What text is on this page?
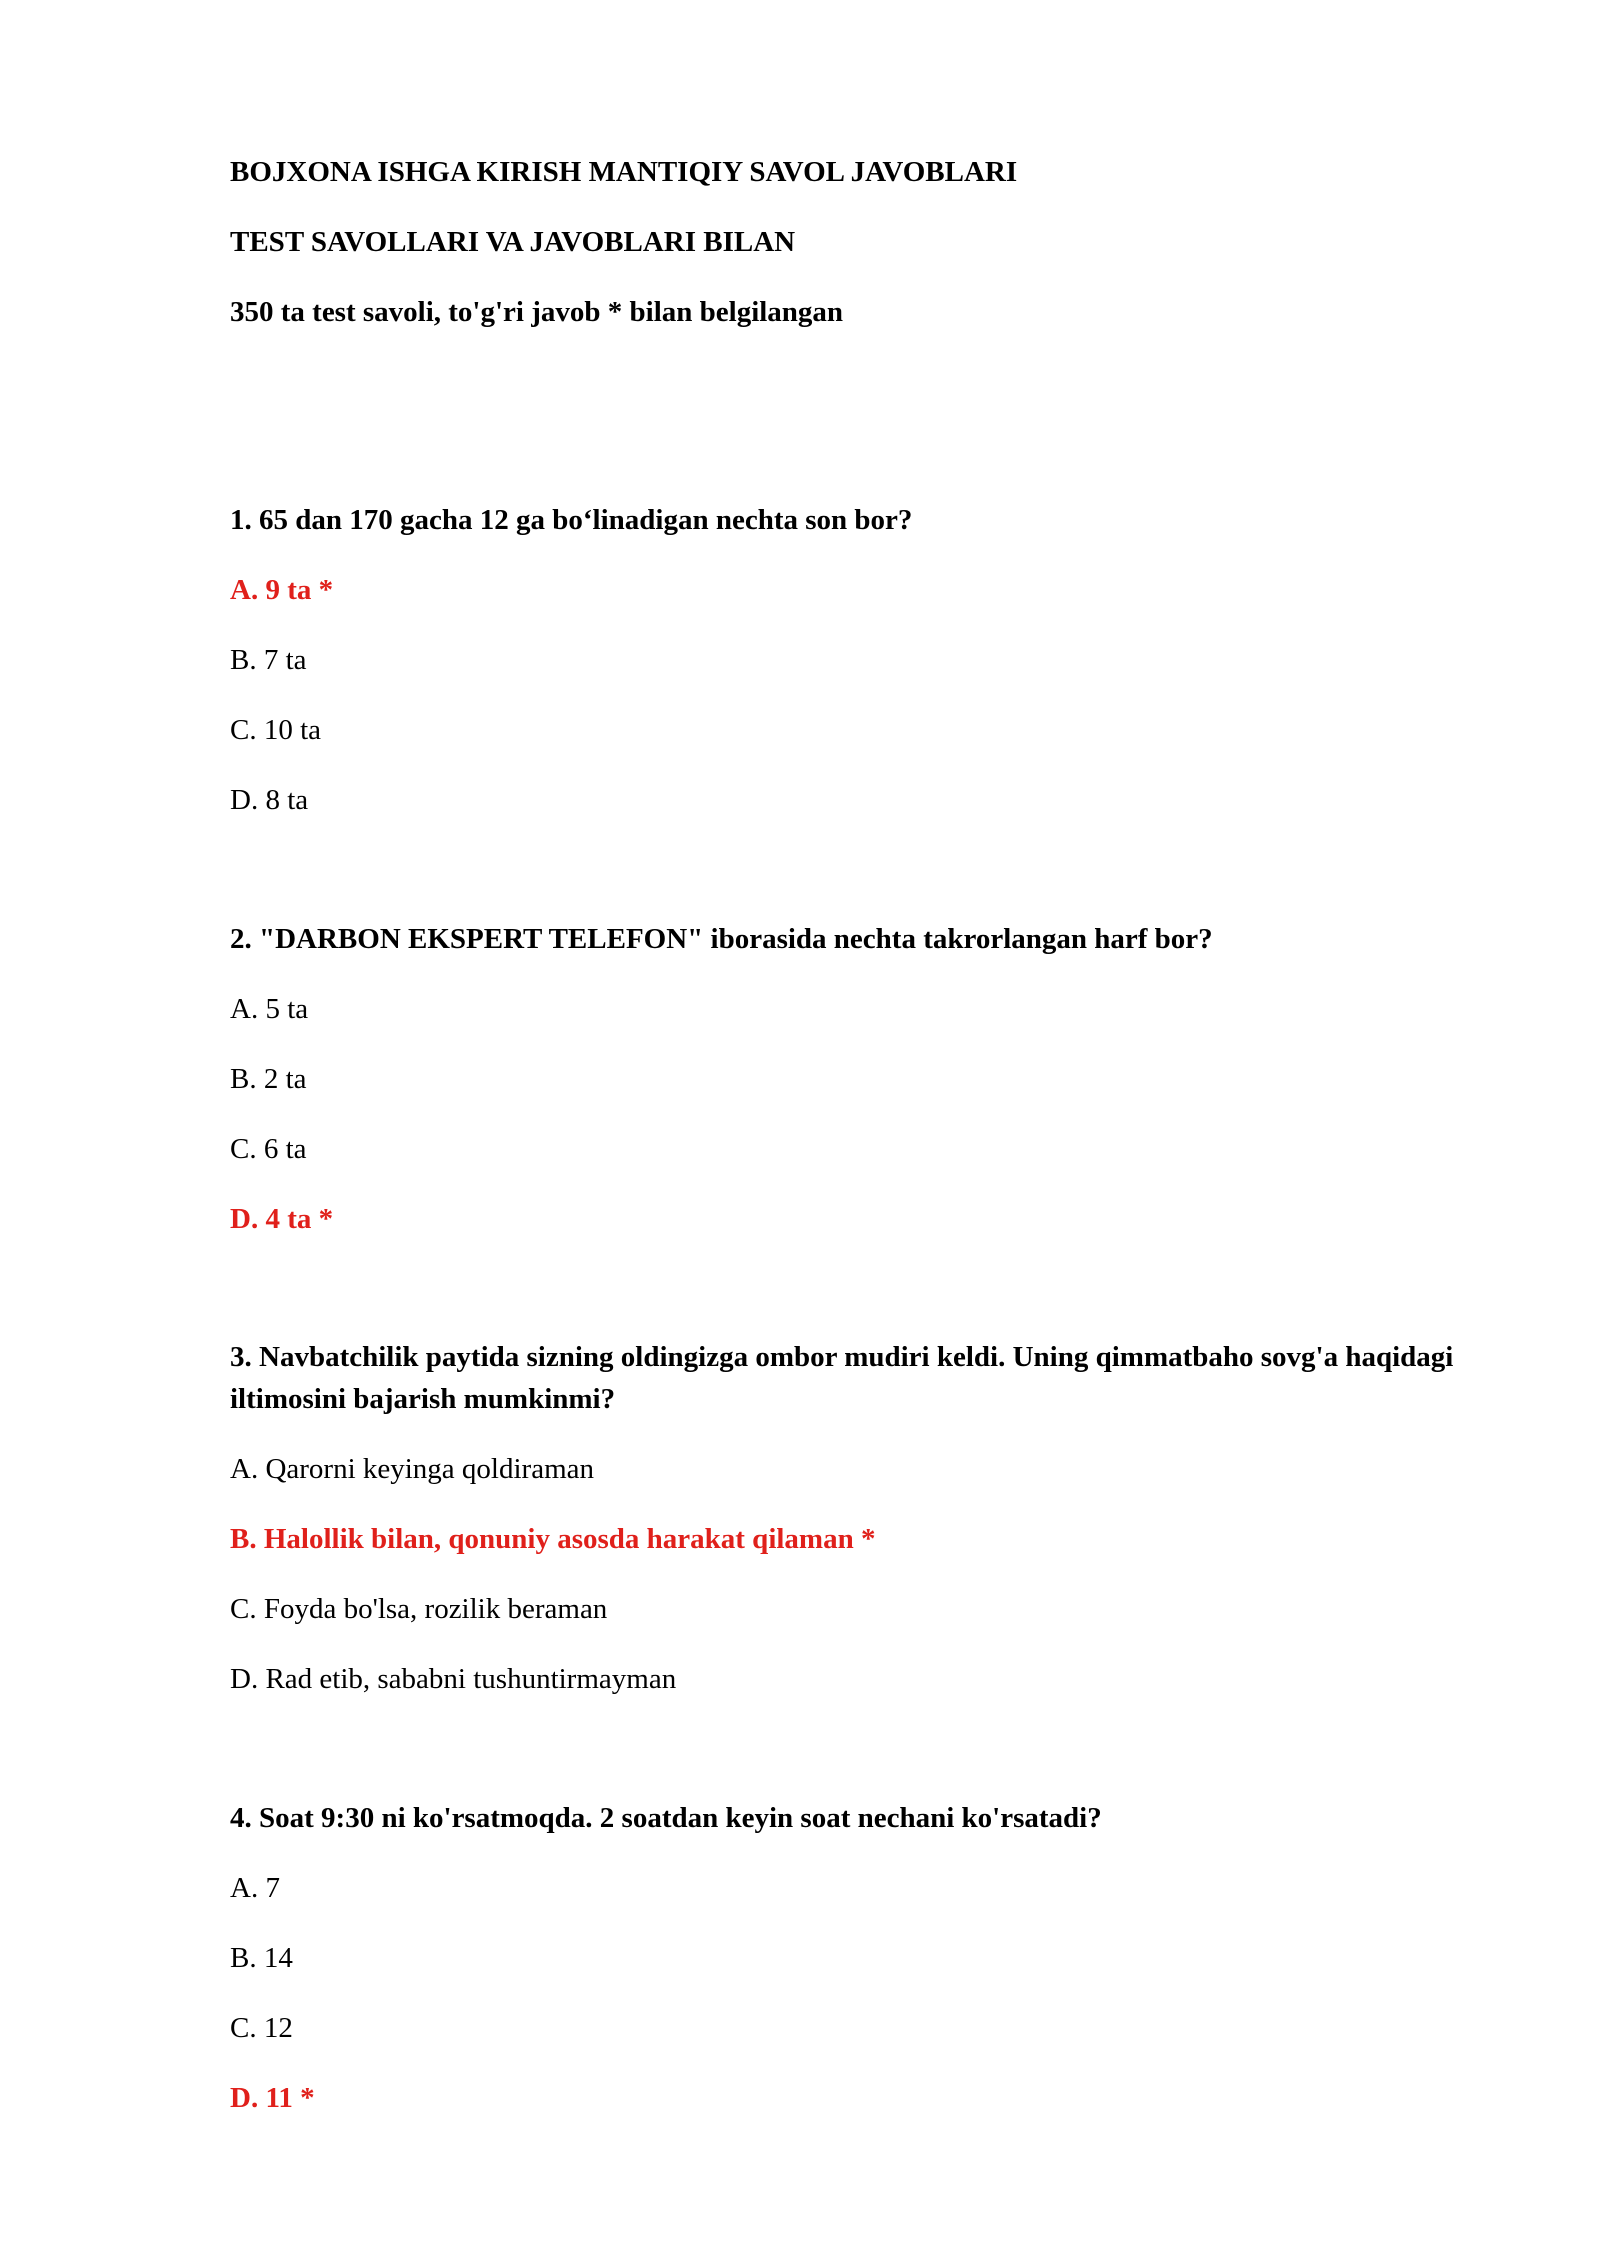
BOJXONA ISHGA KIRISH MANTIQIY SAVOL JAVOBLARI
TEST SAVOLLARI VA JAVOBLARI BILAN
350 ta test savoli, to'g'ri javob * bilan belgilangan
1. 65 dan 170 gacha 12 ga bo‘linadigan nechta son bor?
A. 9 ta *
B. 7 ta
C. 10 ta
D. 8 ta
2. "DARBON EKSPERT TELEFON" iborasida nechta takrorlangan harf bor?
A. 5 ta
B. 2 ta
C. 6 ta
D. 4 ta *
3. Navbatchilik paytida sizning oldingizga ombor mudiri keldi. Uning qimmatbaho sovg'a haqidagi iltimosini bajarish mumkinmi?
A. Qarorni keyinga qoldiraman
B. Halollik bilan, qonuniy asosda harakat qilaman *
C. Foyda bo'lsa, rozilik beraman
D. Rad etib, sababni tushuntirmayman
4. Soat 9:30 ni ko'rsatmoqda. 2 soatdan keyin soat nechani ko'rsatadi?
A. 7
B. 14
C. 12
D. 11 *
